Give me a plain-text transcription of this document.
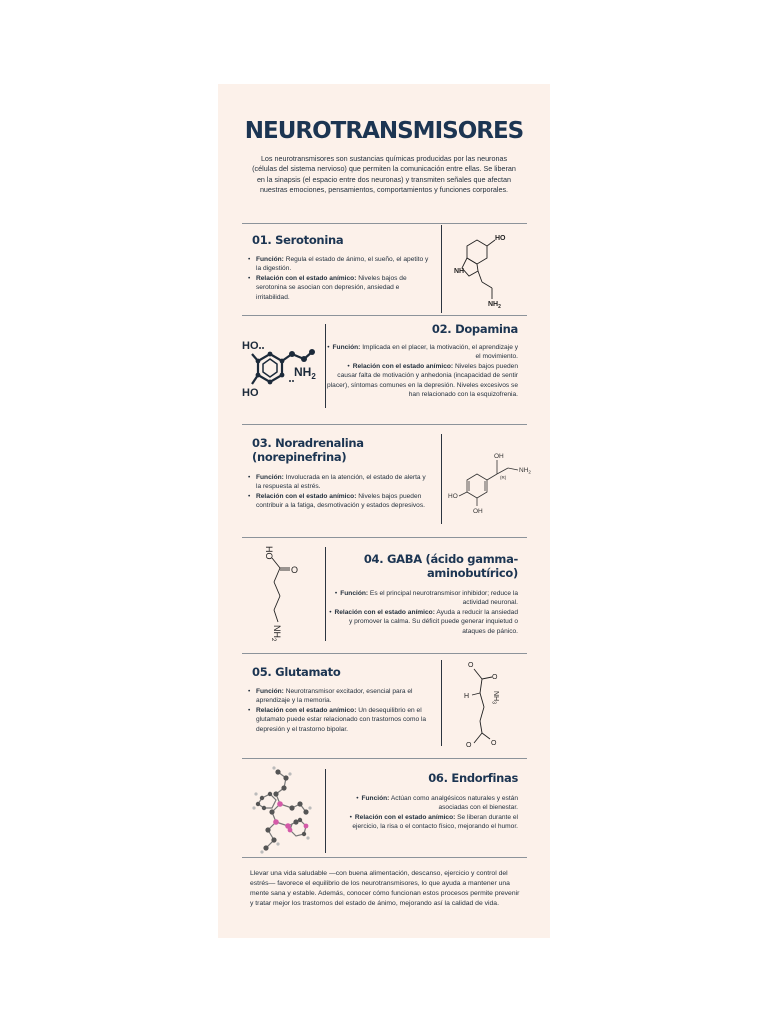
NEUROTRANSMISORES
Los neurotransmisores son sustancias químicas producidas por las neuronas (células del sistema nervioso) que permiten la comunicación entre ellas. Se liberan en la sinapsis (el espacio entre dos neuronas) y transmiten señales que afectan nuestras emociones, pensamientos, comportamientos y funciones corporales.
01. Serotonina
• Función: Regula el estado de ánimo, el sueño, el apetito y la digestión.
• Relación con el estado anímico: Niveles bajos de serotonina se asocian con depresión, ansiedad e irritabilidad.
HO
NH
$NH_2$
HO
HO
$NH_2$
02. Dopamina
• Función: Implicada en el placer, la motivación, el aprendizaje y el movimiento.
• Relación con el estado anímico: Niveles bajos pueden causar falta de motivación y anhedonia (incapacidad de sentir placer), síntomas comunes en la depresión. Niveles excesivos se han relacionado con la esquizofrenia.
03. Noradrenalina (norepinefrina)
• Función: Involucrada en la atención, el estado de alerta y la respuesta al estrés.
• Relación con el estado anímico: Niveles bajos pueden contribuir a la fatiga, desmotivación y estados depresivos.
OH
$NH_2$
(R)
HO
OH
HO
O
$NH_2$
04. GABA (ácido gamma-aminobutírico)
• Función: Es el principal neurotransmisor inhibidor; reduce la actividad neuronal.
• Relación con el estado anímico: Ayuda a reducir la ansiedad y promover la calma. Su déficit puede generar inquietud o ataques de pánico.
05. Glutamato
• Función: Neurotransmisor excitador, esencial para el aprendizaje y la memoria.
• Relación con el estado anímico: Un desequilibrio en el glutamato puede estar relacionado con trastornos como la depresión y el trastorno bipolar.
O
O
$NH_3$
H
O	O
06. Endorfinas
• Función: Actúan como analgésicos naturales y están asociadas con el bienestar.
• Relación con el estado anímico: Se liberan durante el ejercicio, la risa o el contacto físico, mejorando el humor.
Llevar una vida saludable —con buena alimentación, descanso, ejercicio y control del estrés— favorece el equilibrio de los neurotransmisores, lo que ayuda a mantener una mente sana y estable. Además, conocer cómo funcionan estos procesos permite prevenir y tratar mejor los trastornos del estado de ánimo, mejorando así la calidad de vida.
